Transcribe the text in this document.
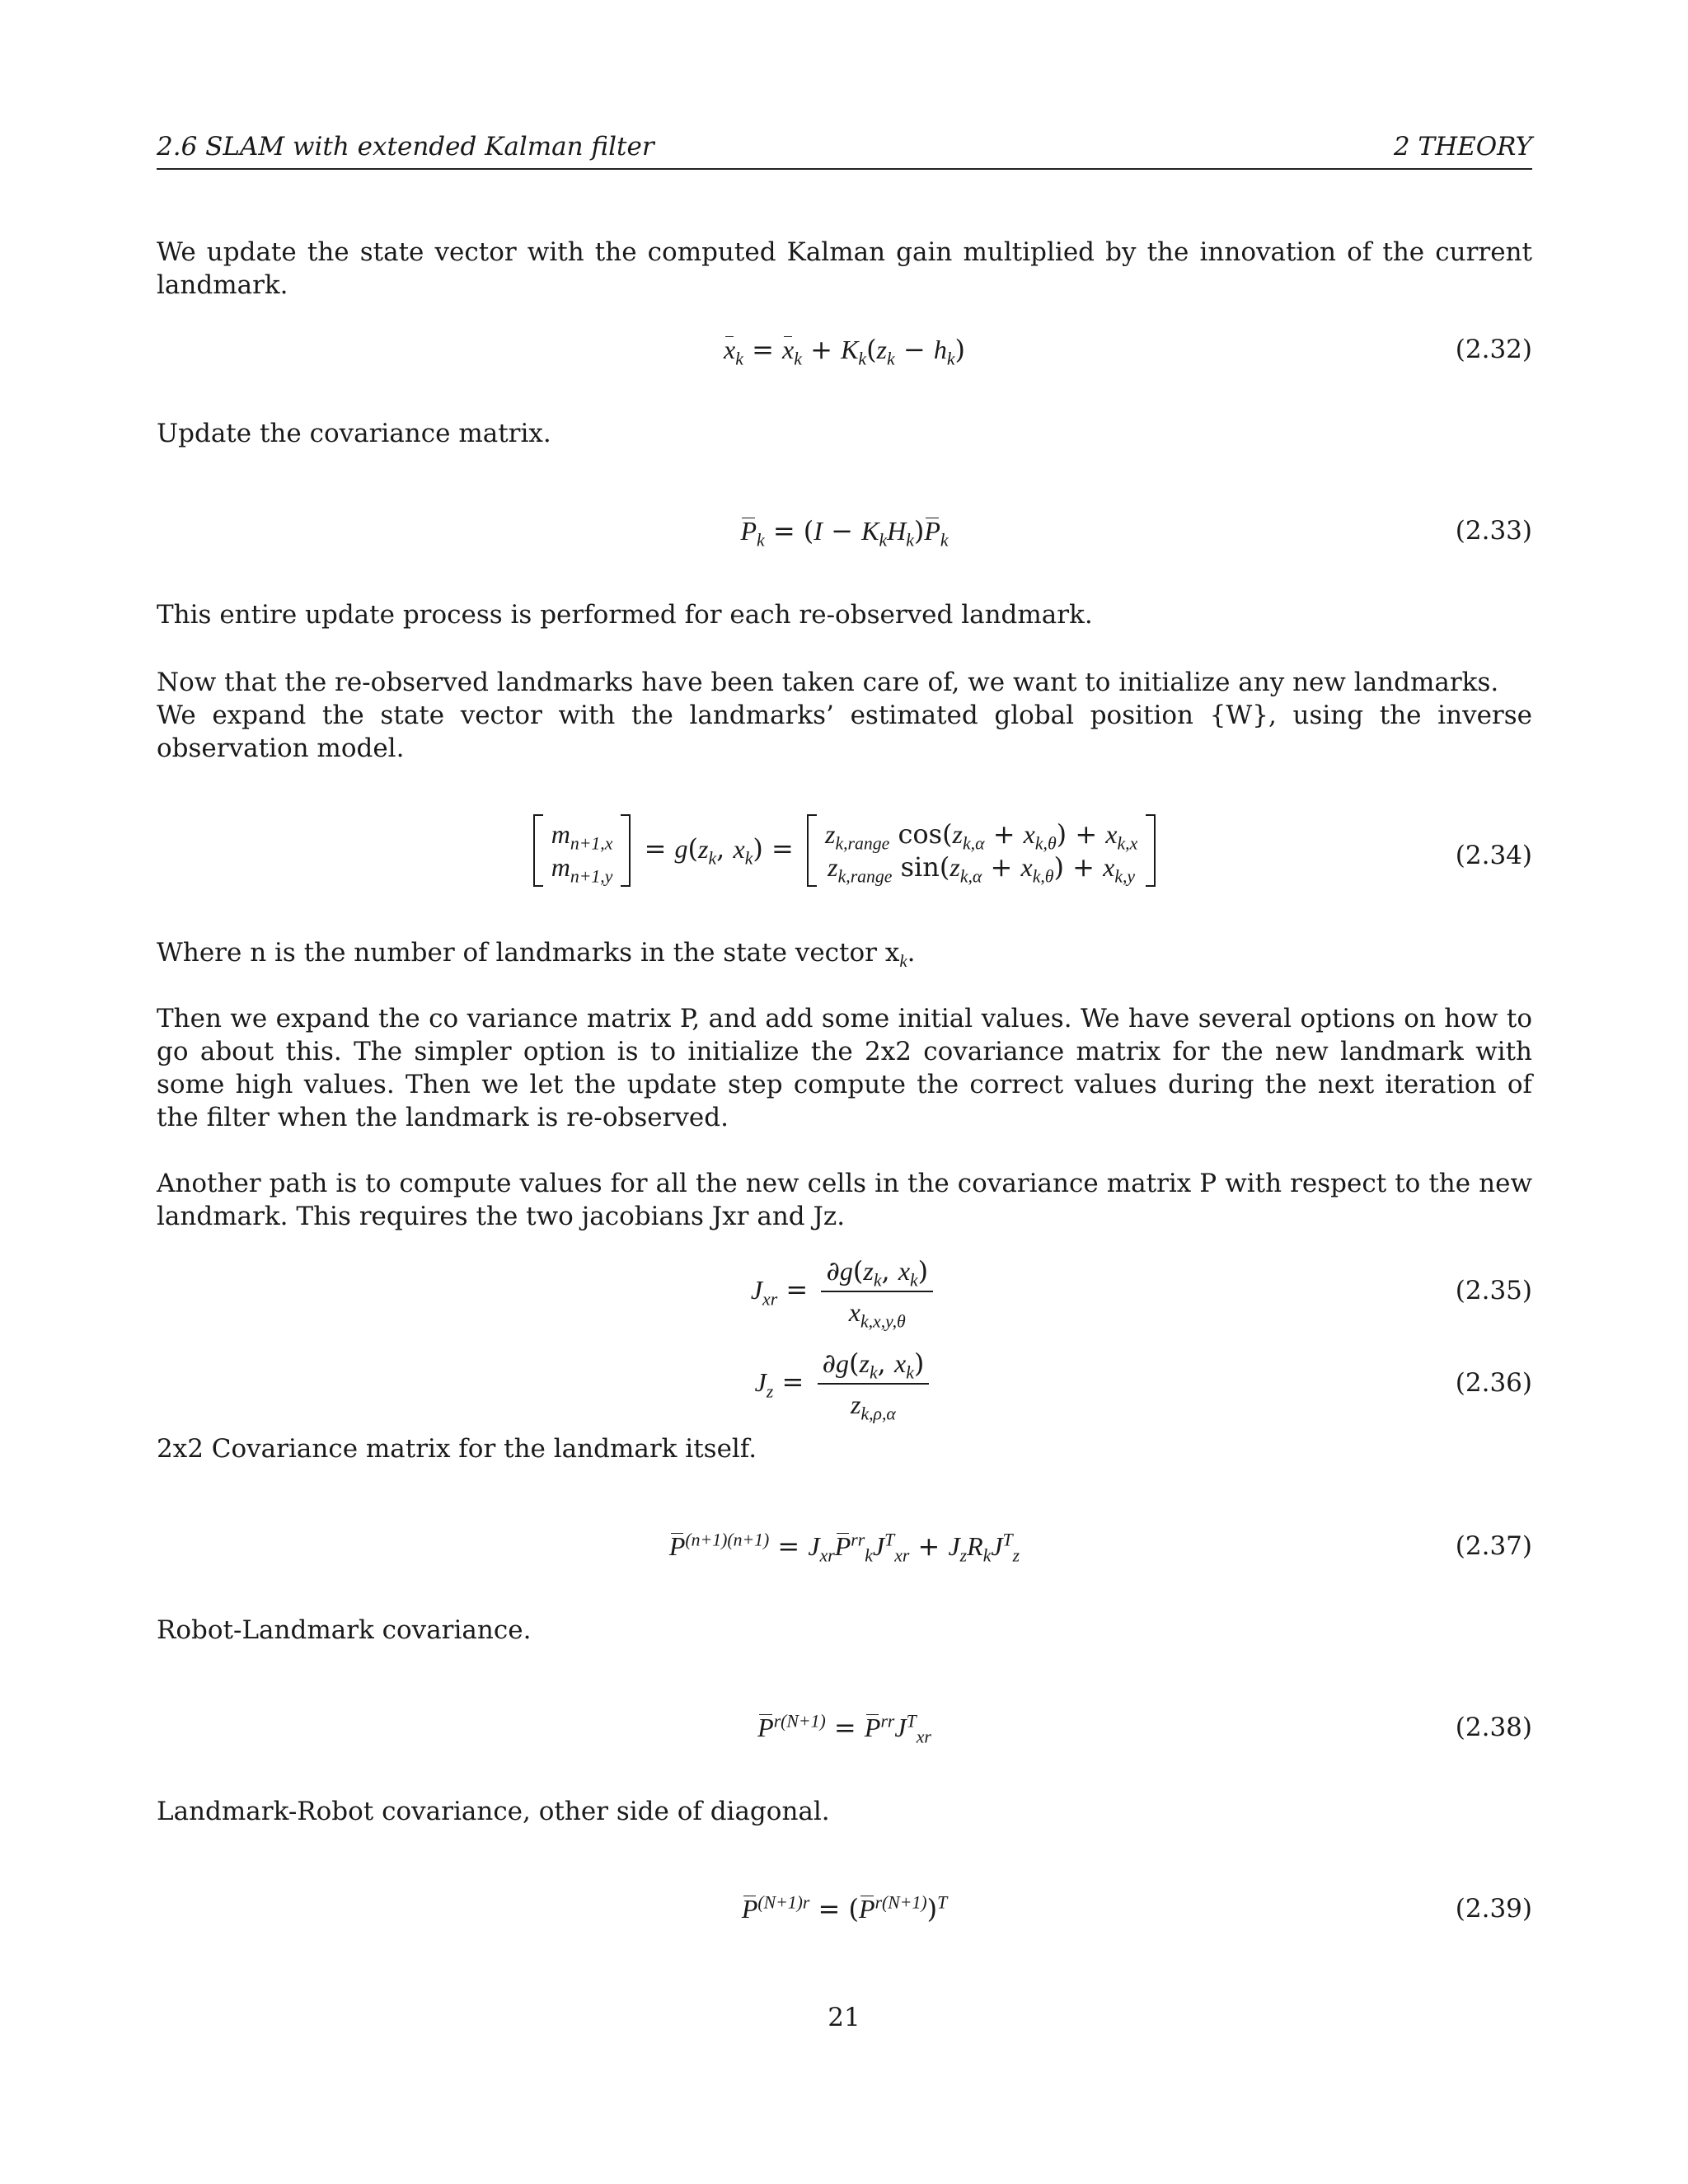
2.6 SLAM with extended Kalman filter	2 THEORY
We update the state vector with the computed Kalman gain multiplied by the innovation of the current landmark.
$x_k = x_k + K_k(z_k - h_k)$	(2.32)
Update the covariance matrix.
$P_k = (I - K_kH_k)P_k$	(2.33)
This entire update process is performed for each re-observed landmark.
Now that the re-observed landmarks have been taken care of, we want to initialize any new landmarks.
We expand the state vector with the landmarks’ estimated global position {W}, using the inverse observation model.
$m_{n+1,x}$
$m_{n+1,y}$
= $g(z_k$, $x_k) = z_{k,range}$ $\cos(z_{k,\alpha} + x_{k,\theta}) + x_{k,x}$
$z_{k,range}$ $\sin(z_{k,\alpha} + x_{k,\theta}) + x_{k,y}$
(2.34)
Where n is the number of landmarks in the state vector $x_k$.
Then we expand the co variance matrix P, and add some initial values. We have several options on how to go about this. The simpler option is to initialize the 2x2 covariance matrix for the new landmark with some high values. Then we let the update step compute the correct values during the next iteration of the filter when the landmark is re-observed.
Another path is to compute values for all the new cells in the covariance matrix P with respect to the new landmark. This requires the two jacobians Jxr and Jz.
$J_{xr} = \frac{\partial g(z_k, x_k)}{x_{k,x,y,\theta}}$	(2.35)
$J_z = \frac{\partial g(z_k, x_k)}{z_{k,\rho,\alpha}}$	(2.36)
2x2 Covariance matrix for the landmark itself.
$P^{(n+1)(n+1)} = J_{xr}P^{rr}_kJ^T_{xr} + J_zR_kJ^T_z$	(2.37)
Robot-Landmark covariance.
$P^{r(N+1)} = P^{rr}J^T_{xr}$	(2.38)
Landmark-Robot covariance, other side of diagonal.
$P^{(N+1)r} = (P^{r(N+1)})^T$	(2.39)
21
